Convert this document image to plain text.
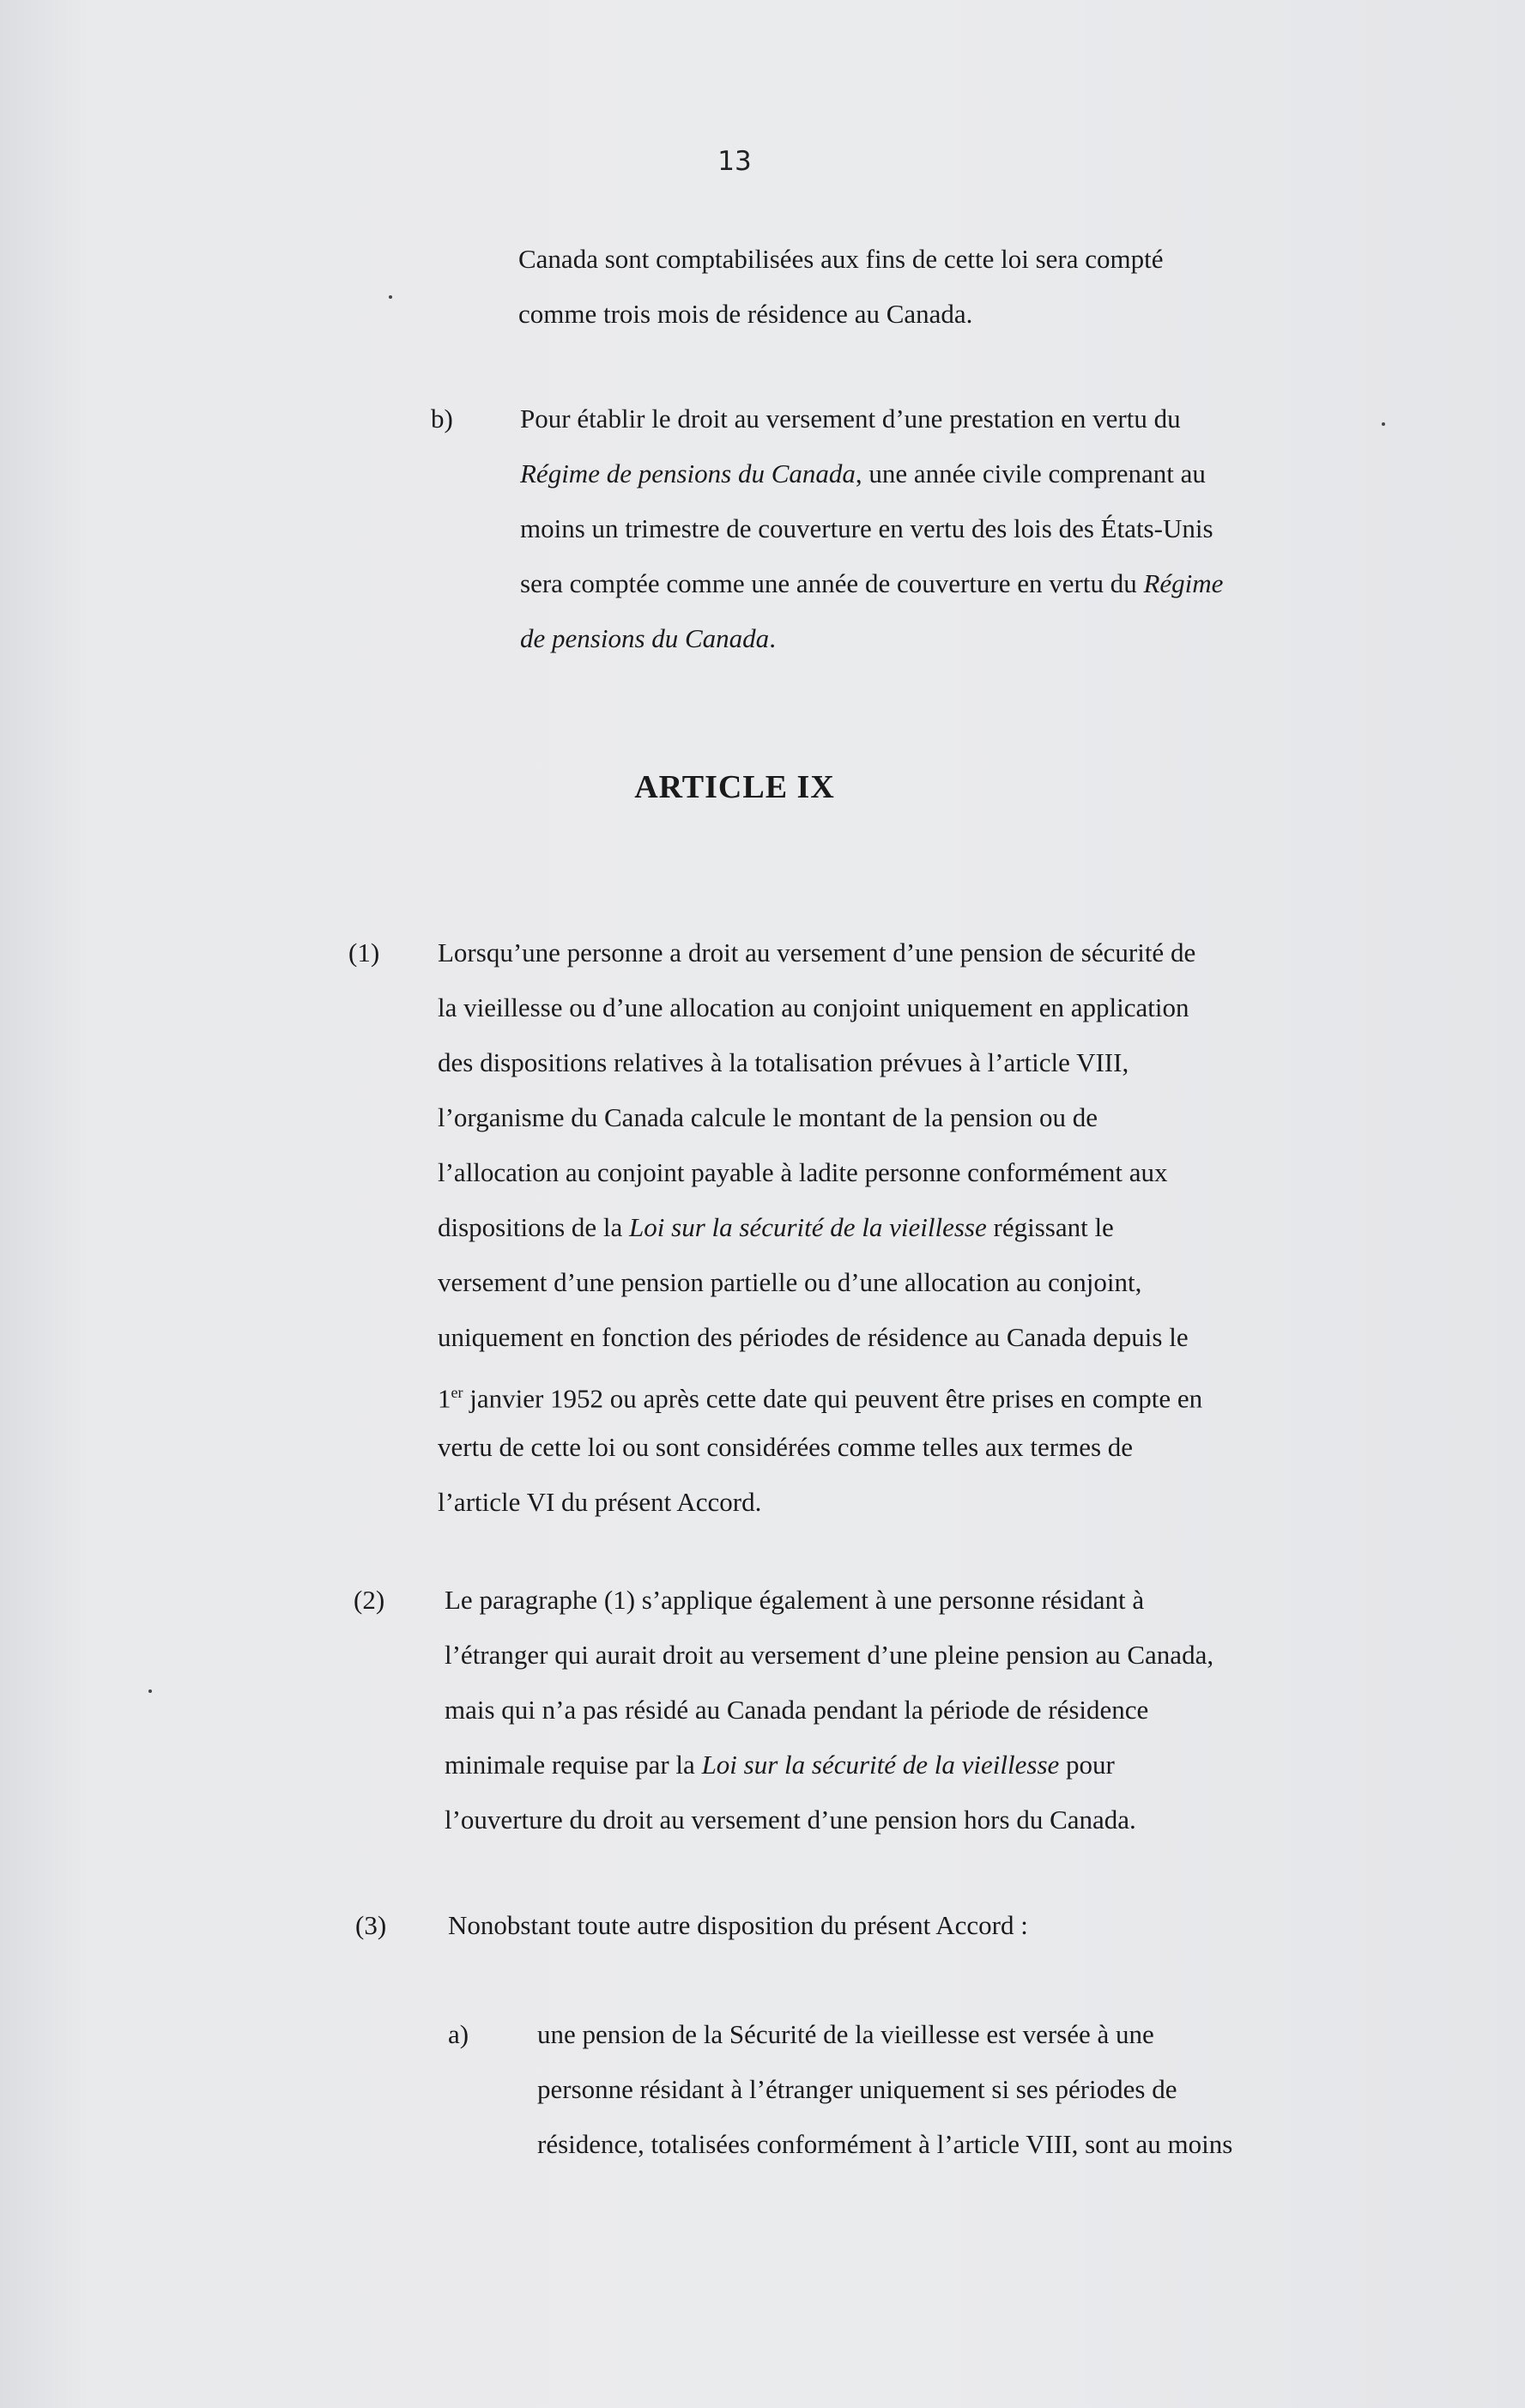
13
Canada sont comptabilisées aux fins de cette loi sera compté
comme trois mois de résidence au Canada.
b)	Pour établir le droit au versement d’une prestation en vertu du
Régime de pensions du Canada, une année civile comprenant au
moins un trimestre de couverture en vertu des lois des États-Unis
sera comptée comme une année de couverture en vertu du Régime
de pensions du Canada.
ARTICLE IX
(1) Lorsqu’une personne a droit au versement d’une pension de sécurité de
la vieillesse ou d’une allocation au conjoint uniquement en application
des dispositions relatives à la totalisation prévues à l’article VIII,
l’organisme du Canada calcule le montant de la pension ou de
l’allocation au conjoint payable à ladite personne conformément aux
dispositions de la Loi sur la sécurité de la vieillesse régissant le
versement d’une pension partielle ou d’une allocation au conjoint,
uniquement en fonction des périodes de résidence au Canada depuis le
1er janvier 1952 ou après cette date qui peuvent être prises en compte en
vertu de cette loi ou sont considérées comme telles aux termes de
l’article VI du présent Accord.
(2) Le paragraphe (1) s’applique également à une personne résidant à
l’étranger qui aurait droit au versement d’une pleine pension au Canada,
mais qui n’a pas résidé au Canada pendant la période de résidence
minimale requise par la Loi sur la sécurité de la vieillesse pour
l’ouverture du droit au versement d’une pension hors du Canada.
(3) Nonobstant toute autre disposition du présent Accord :
a)	une pension de la Sécurité de la vieillesse est versée à une
personne résidant à l’étranger uniquement si ses périodes de
résidence, totalisées conformément à l’article VIII, sont au moins
